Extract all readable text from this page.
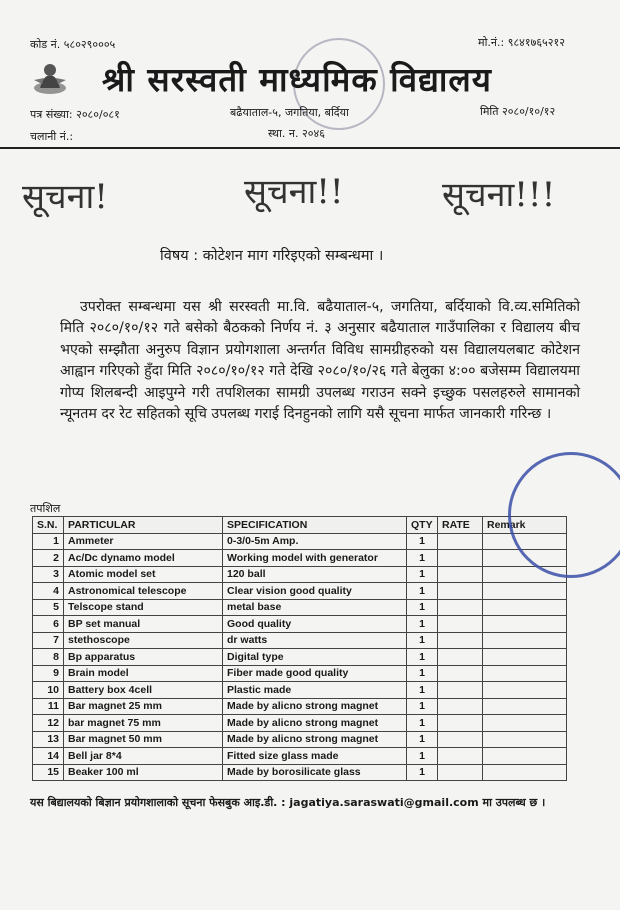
कोड नं. ५८०२९०००५	मो.नं.: ९८४१७६५२१२
श्री सरस्वती माध्यमिक विद्यालय
पत्र संख्या: २०८०/०८१	बढैयाताल-५, जगतिया, बर्दिया	मिति २०८०/१०/१२
चलानी नं.:	स्था. न. २०४६
सूचना!	सूचना!!	सूचना!!!
विषय : कोटेशन माग गरिइएको सम्बन्धमा ।
उपरोक्त सम्बन्धमा यस श्री सरस्वती मा.वि. बढैयाताल-५, जगतिया, बर्दियाको वि.व्य.समितिको मिति २०८०/१०/१२ गते बसेको बैठकको निर्णय नं. ३ अनुसार बढैयाताल गाउँपालिका र विद्यालय बीच भएको सम्झौता अनुरुप विज्ञान प्रयोगशाला अन्तर्गत विविध सामग्रीहरुको यस विद्यालयलबाट कोटेशन आह्वान गरिएको हुँदा मिति २०८०/१०/१२ गते देखि २०८०/१०/२६ गते बेलुका ४:०० बजेसम्म विद्यालयमा गोप्य शिलबन्दी आइपुग्ने गरी तपशिलका सामग्री उपलब्ध गराउन सक्ने इच्छुक पसलहरुले सामानको न्यूनतम दर रेट सहितको सूचि उपलब्ध गराई दिनहुनको लागि यसै सूचना मार्फत जानकारी गरिन्छ ।
तपशिल
S.N.	PARTICULAR	SPECIFICATION	QTY	RATE	Remark
1	Ammeter	0-3/0-5m Amp.	1		
2	Ac/Dc dynamo model	Working model with generator	1		
3	Atomic model set	120 ball	1		
4	Astronomical telescope	Clear vision good quality	1		
5	Telscope stand	metal base	1		
6	BP set manual	Good quality	1		
7	stethoscope	dr watts	1		
8	Bp apparatus	Digital type	1		
9	Brain model	Fiber made good quality	1		
10	Battery box 4cell	Plastic made	1		
11	Bar magnet 25 mm	Made by alicno strong magnet	1		
12	bar magnet 75 mm	Made by alicno strong magnet	1		
13	Bar magnet 50 mm	Made by alicno strong magnet	1		
14	Bell jar 8*4	Fitted size glass made	1		
15	Beaker 100 ml	Made by borosilicate glass	1		

यस बिद्यालयको बिज्ञान प्रयोगशालाको सूचना फेसबुक आइ.डी. : jagatiya.saraswati@gmail.com मा उपलब्ध छ ।
